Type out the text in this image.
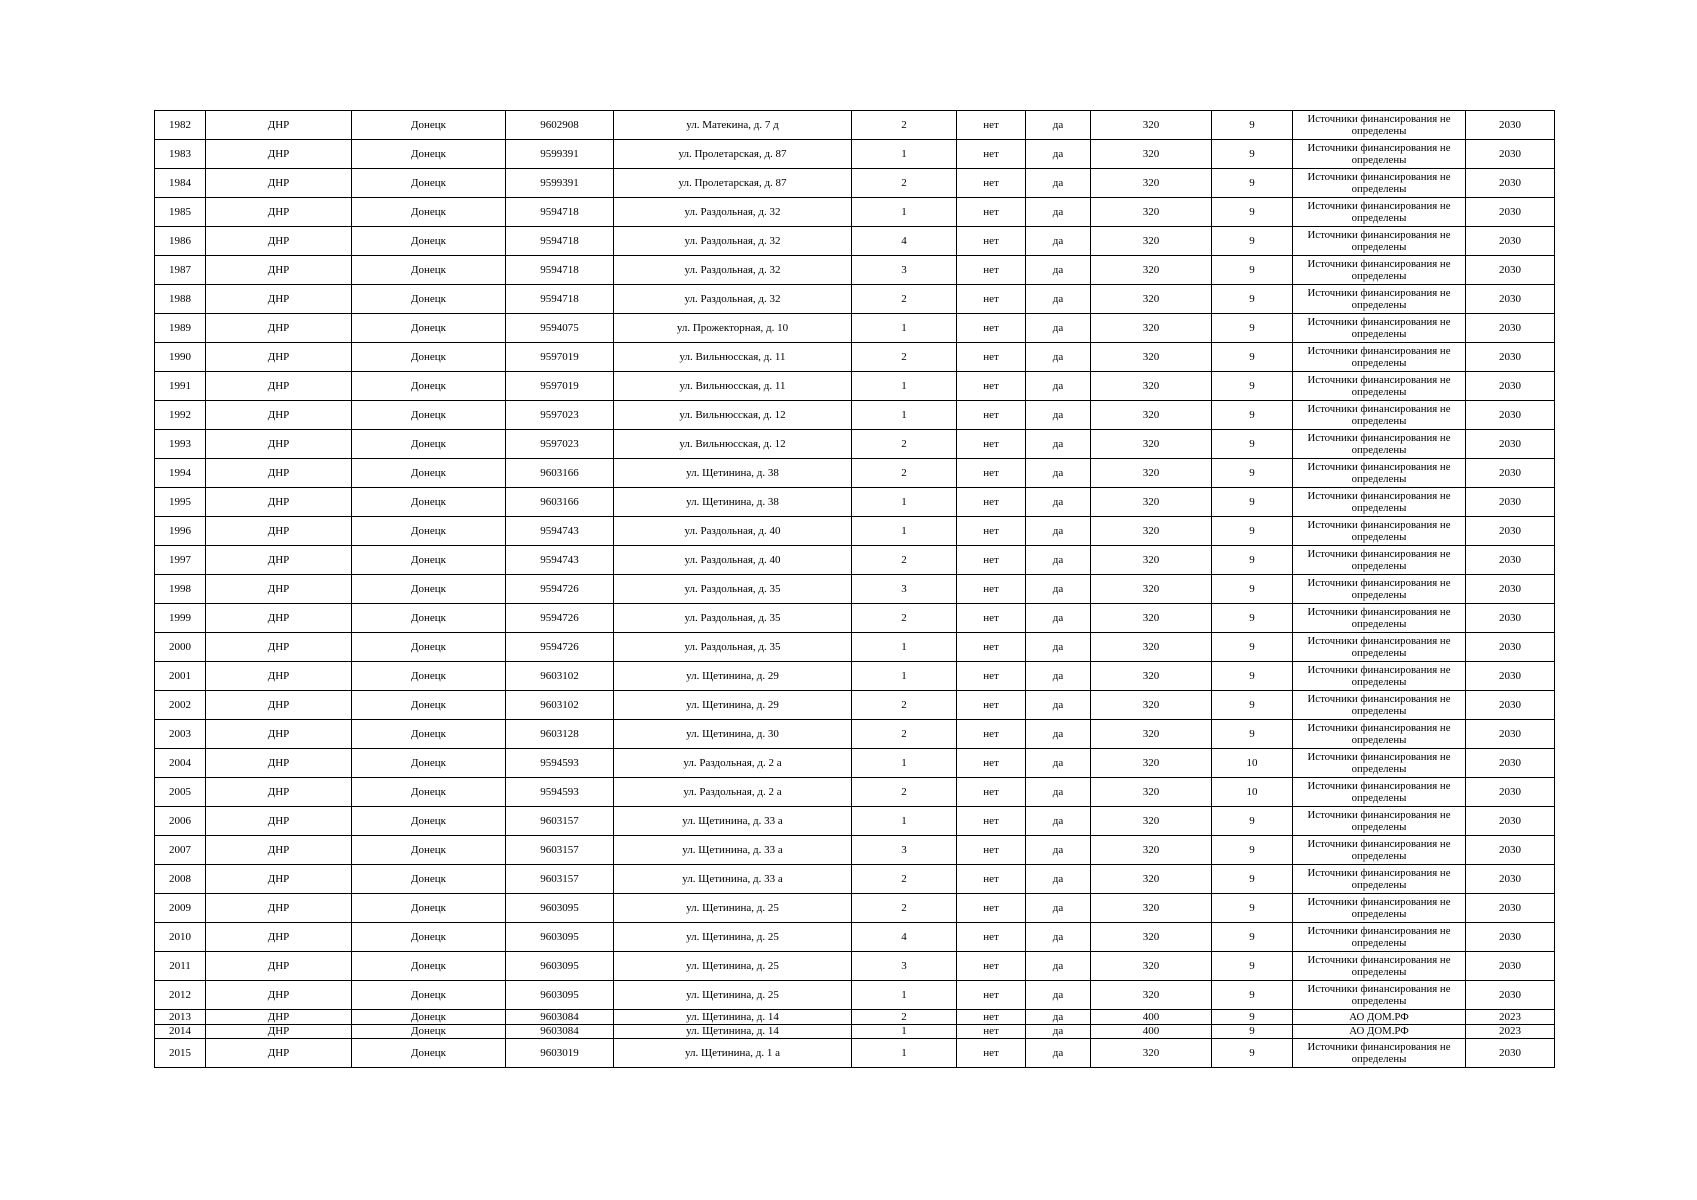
1982	ДНР	Донецк	9602908	ул. Матекина, д. 7 д	2	нет	да	320	9	Источники финансирования не определены	2030
1983	ДНР	Донецк	9599391	ул. Пролетарская, д. 87	1	нет	да	320	9	Источники финансирования не определены	2030
1984	ДНР	Донецк	9599391	ул. Пролетарская, д. 87	2	нет	да	320	9	Источники финансирования не определены	2030
1985	ДНР	Донецк	9594718	ул. Раздольная, д. 32	1	нет	да	320	9	Источники финансирования не определены	2030
1986	ДНР	Донецк	9594718	ул. Раздольная, д. 32	4	нет	да	320	9	Источники финансирования не определены	2030
1987	ДНР	Донецк	9594718	ул. Раздольная, д. 32	3	нет	да	320	9	Источники финансирования не определены	2030
1988	ДНР	Донецк	9594718	ул. Раздольная, д. 32	2	нет	да	320	9	Источники финансирования не определены	2030
1989	ДНР	Донецк	9594075	ул. Прожекторная, д. 10	1	нет	да	320	9	Источники финансирования не определены	2030
1990	ДНР	Донецк	9597019	ул. Вильнюсская, д. 11	2	нет	да	320	9	Источники финансирования не определены	2030
1991	ДНР	Донецк	9597019	ул. Вильнюсская, д. 11	1	нет	да	320	9	Источники финансирования не определены	2030
1992	ДНР	Донецк	9597023	ул. Вильнюсская, д. 12	1	нет	да	320	9	Источники финансирования не определены	2030
1993	ДНР	Донецк	9597023	ул. Вильнюсская, д. 12	2	нет	да	320	9	Источники финансирования не определены	2030
1994	ДНР	Донецк	9603166	ул. Щетинина, д. 38	2	нет	да	320	9	Источники финансирования не определены	2030
1995	ДНР	Донецк	9603166	ул. Щетинина, д. 38	1	нет	да	320	9	Источники финансирования не определены	2030
1996	ДНР	Донецк	9594743	ул. Раздольная, д. 40	1	нет	да	320	9	Источники финансирования не определены	2030
1997	ДНР	Донецк	9594743	ул. Раздольная, д. 40	2	нет	да	320	9	Источники финансирования не определены	2030
1998	ДНР	Донецк	9594726	ул. Раздольная, д. 35	3	нет	да	320	9	Источники финансирования не определены	2030
1999	ДНР	Донецк	9594726	ул. Раздольная, д. 35	2	нет	да	320	9	Источники финансирования не определены	2030
2000	ДНР	Донецк	9594726	ул. Раздольная, д. 35	1	нет	да	320	9	Источники финансирования не определены	2030
2001	ДНР	Донецк	9603102	ул. Щетинина, д. 29	1	нет	да	320	9	Источники финансирования не определены	2030
2002	ДНР	Донецк	9603102	ул. Щетинина, д. 29	2	нет	да	320	9	Источники финансирования не определены	2030
2003	ДНР	Донецк	9603128	ул. Щетинина, д. 30	2	нет	да	320	9	Источники финансирования не определены	2030
2004	ДНР	Донецк	9594593	ул. Раздольная, д. 2 а	1	нет	да	320	10	Источники финансирования не определены	2030
2005	ДНР	Донецк	9594593	ул. Раздольная, д. 2 а	2	нет	да	320	10	Источники финансирования не определены	2030
2006	ДНР	Донецк	9603157	ул. Щетинина, д. 33 а	1	нет	да	320	9	Источники финансирования не определены	2030
2007	ДНР	Донецк	9603157	ул. Щетинина, д. 33 а	3	нет	да	320	9	Источники финансирования не определены	2030
2008	ДНР	Донецк	9603157	ул. Щетинина, д. 33 а	2	нет	да	320	9	Источники финансирования не определены	2030
2009	ДНР	Донецк	9603095	ул. Щетинина, д. 25	2	нет	да	320	9	Источники финансирования не определены	2030
2010	ДНР	Донецк	9603095	ул. Щетинина, д. 25	4	нет	да	320	9	Источники финансирования не определены	2030
2011	ДНР	Донецк	9603095	ул. Щетинина, д. 25	3	нет	да	320	9	Источники финансирования не определены	2030
2012	ДНР	Донецк	9603095	ул. Щетинина, д. 25	1	нет	да	320	9	Источники финансирования не определены	2030
2013	ДНР	Донецк	9603084	ул. Щетинина, д. 14	2	нет	да	400	9	АО ДОМ.РФ	2023
2014	ДНР	Донецк	9603084	ул. Щетинина, д. 14	1	нет	да	400	9	АО ДОМ.РФ	2023
2015	ДНР	Донецк	9603019	ул. Щетинина, д. 1 а	1	нет	да	320	9	Источники финансирования не определены	2030
